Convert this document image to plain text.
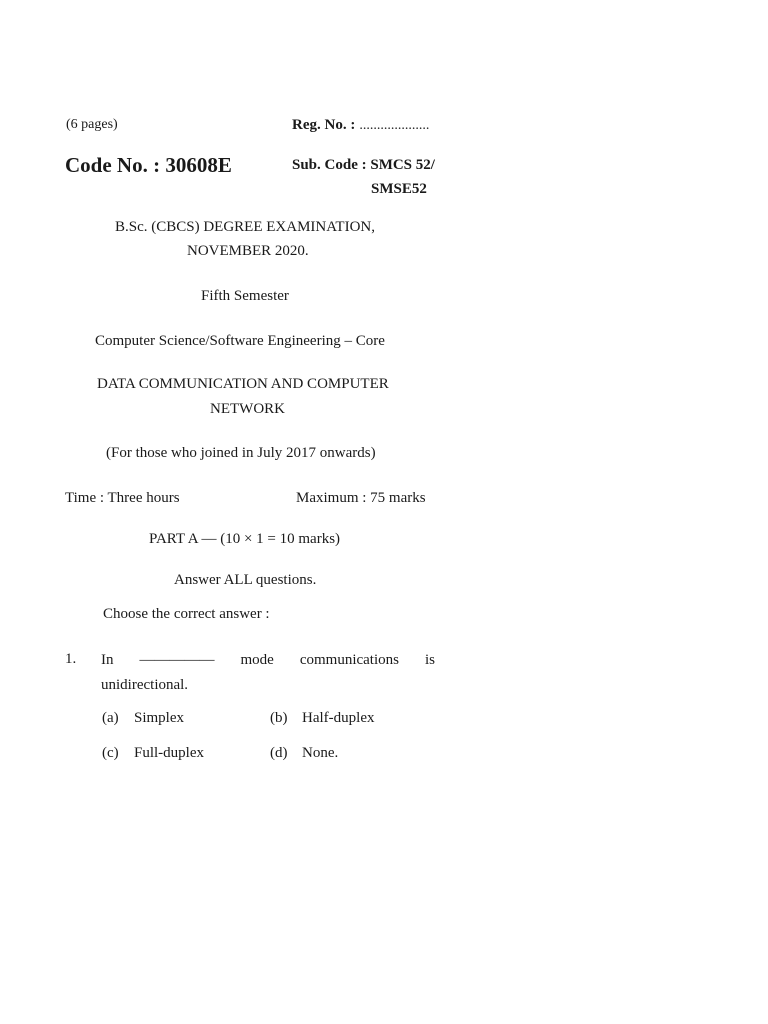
(6 pages)	Reg. No. : ....................
Code No. : 30608E	Sub. Code : SMCS 52/
SMSE52
B.Sc. (CBCS) DEGREE EXAMINATION,
NOVEMBER 2020.
Fifth Semester
Computer Science/Software Engineering – Core
DATA COMMUNICATION AND COMPUTER
NETWORK
(For those who joined in July 2017 onwards)
Time : Three hours	Maximum : 75 marks
PART A — (10 × 1 = 10 marks)
Answer ALL questions.
Choose the correct answer :
1. In ————— mode communications is
unidirectional.
(a) Simplex	(b) Half-duplex
(c) Full-duplex	(d) None.
